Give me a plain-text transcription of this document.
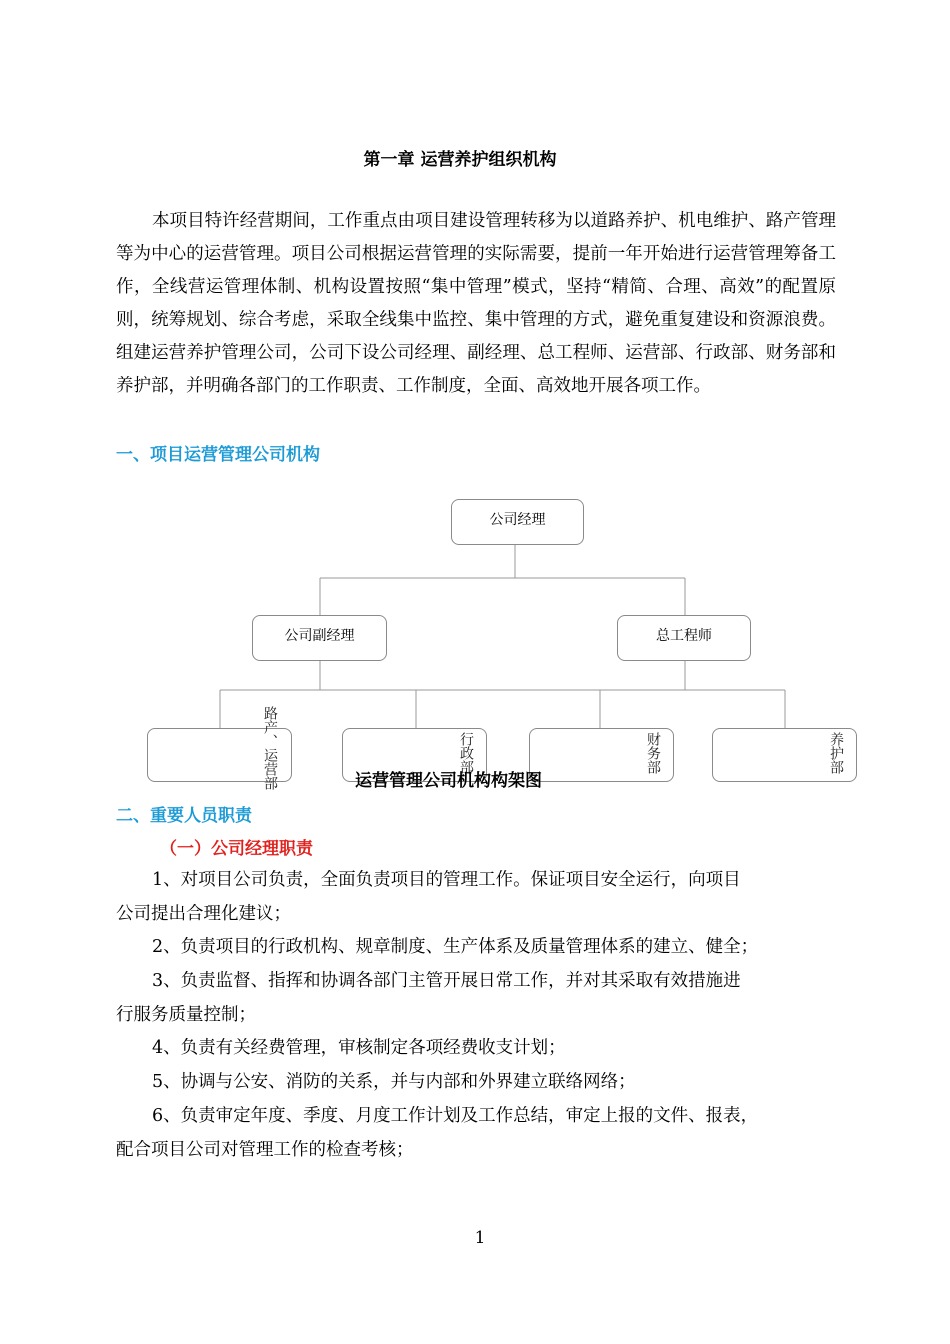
第一章 运营养护组织机构
本项目特许经营期间，工作重点由项目建设管理转移为以道路养护、机电维护、路产管理等为中心的运营管理。项目公司根据运营管理的实际需要，提前一年开始进行运营管理筹备工作，全线营运管理体制、机构设置按照“集中管理”模式，坚持“精简、合理、高效”的配置原则，统筹规划、综合考虑，采取全线集中监控、集中管理的方式，避免重复建设和资源浪费。组建运营养护管理公司，公司下设公司经理、副经理、总工程师、运营部、行政部、财务部和养护部，并明确各部门的工作职责、工作制度，全面、高效地开展各项工作。
一、项目运营管理公司机构
公司经理
公司副经理	总工程师
路产、运营部	行政部	财务部	养护部
运营管理公司机构构架图
二、重要人员职责
（一）公司经理职责
1、对项目公司负责，全面负责项目的管理工作。保证项目安全运行，向项目
公司提出合理化建议；
2、负责项目的行政机构、规章制度、生产体系及质量管理体系的建立、健全；
3、负责监督、指挥和协调各部门主管开展日常工作，并对其采取有效措施进
行服务质量控制；
4、负责有关经费管理，审核制定各项经费收支计划；
5、协调与公安、消防的关系，并与内部和外界建立联络网络；
6、负责审定年度、季度、月度工作计划及工作总结，审定上报的文件、报表，
配合项目公司对管理工作的检查考核；
1
